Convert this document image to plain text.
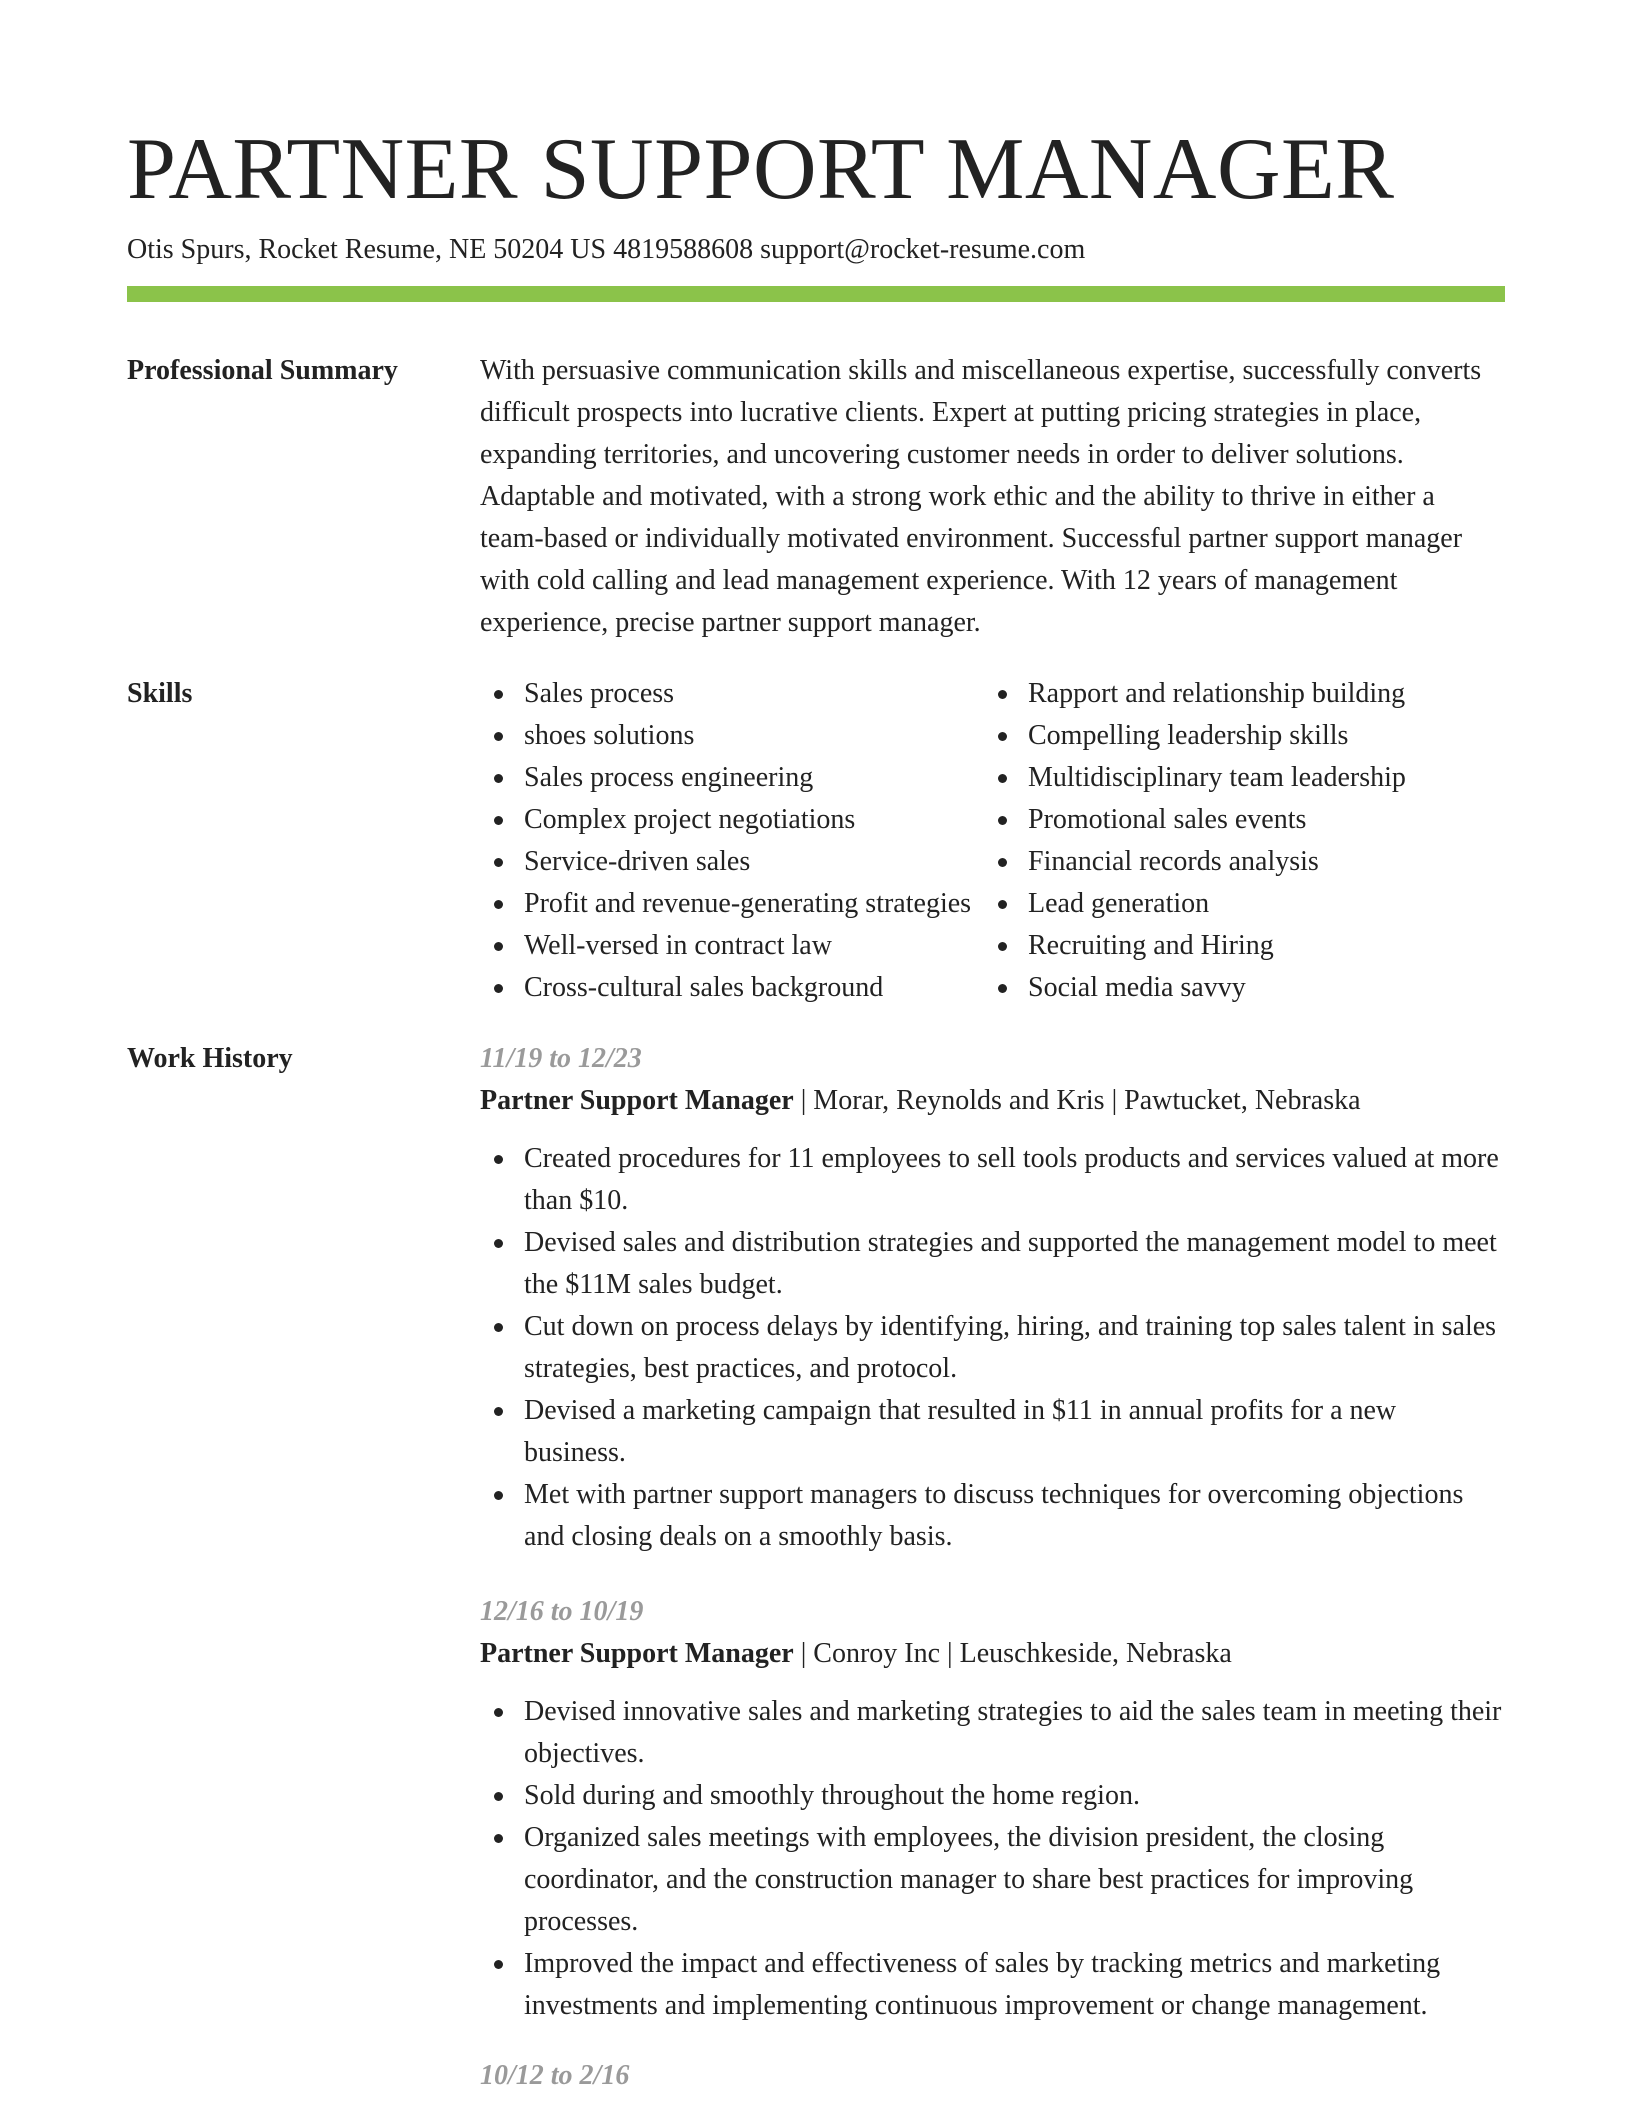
PARTNER SUPPORT MANAGER
Otis Spurs, Rocket Resume, NE 50204 US 4819588608 support@rocket-resume.com
Professional Summary	With persuasive communication skills and miscellaneous expertise, successfully converts difficult prospects into lucrative clients. Expert at putting pricing strategies in place, expanding territories, and uncovering customer needs in order to deliver solutions. Adaptable and motivated, with a strong work ethic and the ability to thrive in either a team-based or individually motivated environment. Successful partner support manager with cold calling and lead management experience. With 12 years of management experience, precise partner support manager.

Skills	Sales process
shoes solutions
Sales process engineering
Complex project negotiations
Service-driven sales
Profit and revenue-generating strategies
Well-versed in contract law
Cross-cultural sales background
Rapport and relationship building
Compelling leadership skills
Multidisciplinary team leadership
Promotional sales events
Financial records analysis
Lead generation
Recruiting and Hiring
Social media savvy
Work History	11/19 to 12/23
Partner Support Manager | Morar, Reynolds and Kris | Pawtucket, Nebraska
Created procedures for 11 employees to sell tools products and services valued at more than $10.
Devised sales and distribution strategies and supported the management model to meet the $11M sales budget.
Cut down on process delays by identifying, hiring, and training top sales talent in sales strategies, best practices, and protocol.
Devised a marketing campaign that resulted in $11 in annual profits for a new business.
Met with partner support managers to discuss techniques for overcoming objections and closing deals on a smoothly basis.
12/16 to 10/19
Partner Support Manager | Conroy Inc | Leuschkeside, Nebraska
Devised innovative sales and marketing strategies to aid the sales team in meeting their objectives.
Sold during and smoothly throughout the home region.
Organized sales meetings with employees, the division president, the closing coordinator, and the construction manager to share best practices for improving processes.
Improved the impact and effectiveness of sales by tracking metrics and marketing investments and implementing continuous improvement or change management.
10/12 to 2/16
